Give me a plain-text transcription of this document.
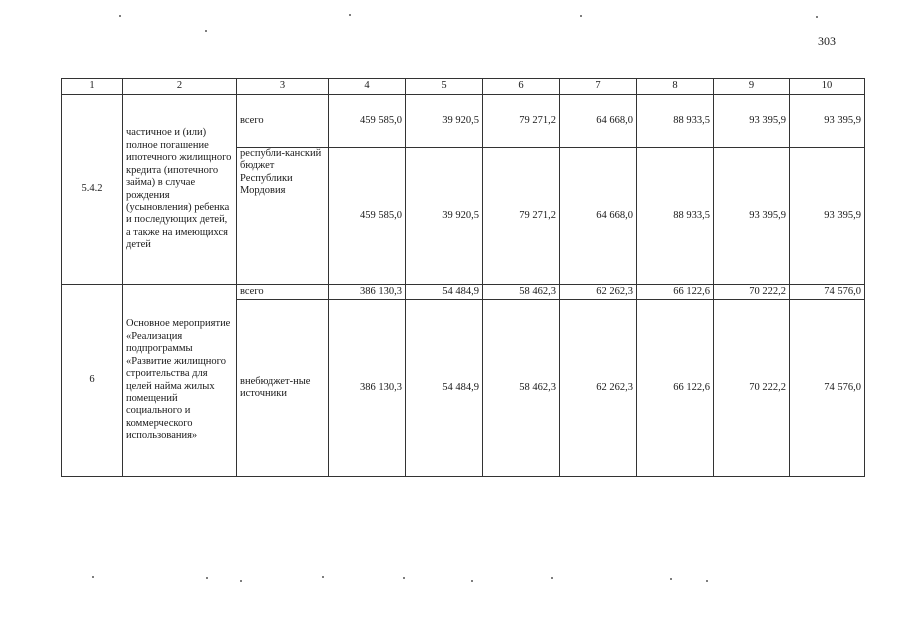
303
1	2	3	4	5	6	7	8	9	10
5.4.2	частичное и (или) полное погашение ипотечного жилищного кредита (ипотечного займа) в случае рождения (усыновления) ребенка и последующих детей, а также на имеющихся детей	всего	459 585,0	39 920,5	79 271,2	64 668,0	88 933,5	93 395,9	93 395,9
		республи-канский бюджет Республики Мордовия	459 585,0	39 920,5	79 271,2	64 668,0	88 933,5	93 395,9	93 395,9
6	Основное мероприятие «Реализация подпрограммы «Развитие жилищного строительства для целей найма жилых помещений социального и коммерческого использования»	всего	386 130,3	54 484,9	58 462,3	62 262,3	66 122,6	70 222,2	74 576,0
		внебюджет-ные источники	386 130,3	54 484,9	58 462,3	62 262,3	66 122,6	70 222,2	74 576,0
